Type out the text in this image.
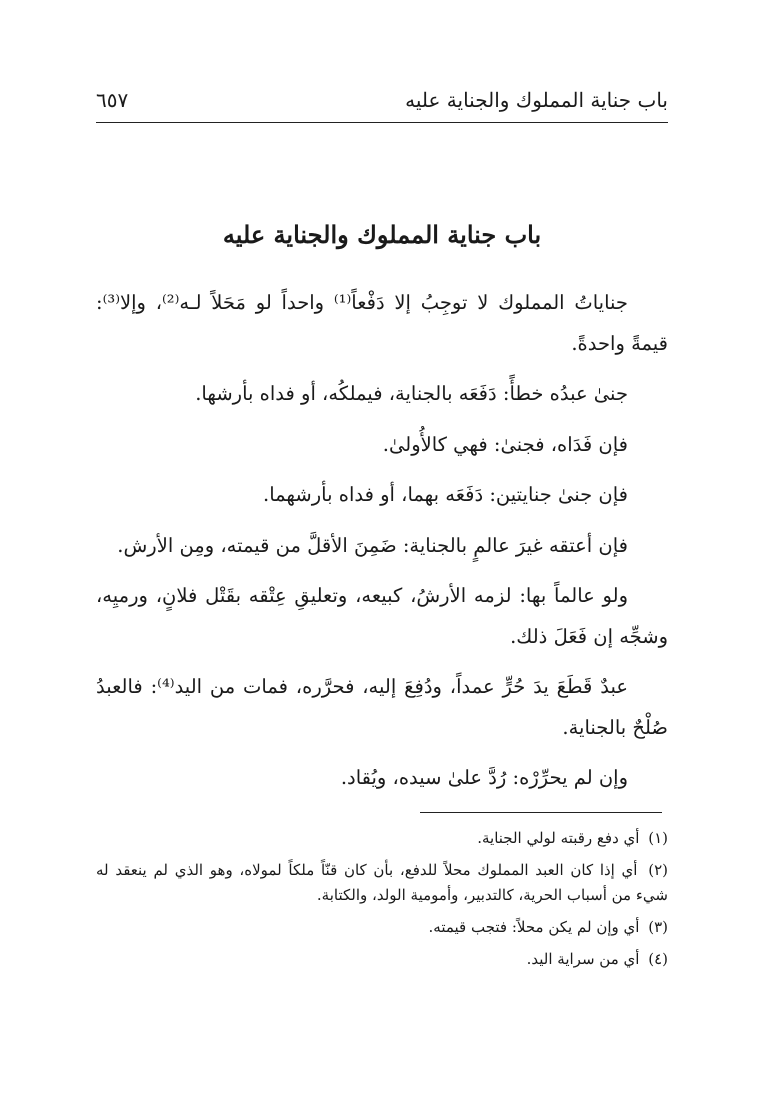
باب جناية المملوك والجناية عليه
٦٥٧
باب جناية المملوك والجناية عليه

جناياتُ المملوك لا توجِبُ إلا دَفْعاً⁽¹⁾ واحداً لو مَحَلاً لـه⁽²⁾، وإلا⁽³⁾: قيمةً واحدةً.

جنىٰ عبدُه خطأً: دَفَعَه بالجناية، فيملكُه، أو فداه بأرشها.

فإن فَدَاه، فجنىٰ: فهي كالأُولىٰ.

فإن جنىٰ جنايتين: دَفَعَه بهما، أو فداه بأرشهما.

فإن أعتقه غيرَ عالمٍ بالجناية: ضَمِنَ الأقلَّ من قيمته، ومِن الأرش.

ولو عالماً بها: لزمه الأرشُ، كبيعه، وتعليقِ عِتْقه بقَتْل فلانٍ، ورميِه، وشجِّه إن فَعَلَ ذلك.

عبدٌ قَطَعَ يدَ حُرٍّ عمداً، ودُفِعَ إليه، فحرَّره، فمات من اليد⁽⁴⁾: فالعبدُ صُلْحٌ بالجناية.

وإن لم يحرِّرْه: رُدَّ علىٰ سيده، ويُقاد.

(١) أي دفع رقبته لولي الجناية.

(٢) أي إذا كان العبد المملوك محلاً للدفع، بأن كان قنّاً ملكاً لمولاه، وهو الذي لم ينعقد له شيء من أسباب الحرية، كالتدبير، وأمومية الولد، والكتابة.

(٣) أي وإن لم يكن محلاً: فتجب قيمته.

(٤) أي من سراية اليد.
